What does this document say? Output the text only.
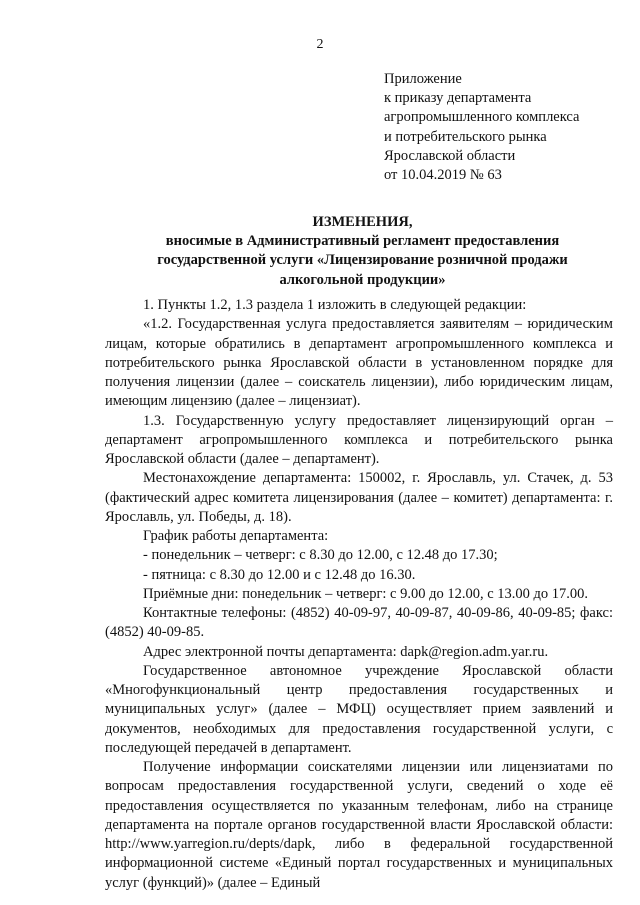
2
Приложение
к приказу департамента
агропромышленного комплекса
и потребительского рынка
Ярославской области
от 10.04.2019 № 63
ИЗМЕНЕНИЯ,
вносимые в Административный регламент предоставления
государственной услуги «Лицензирование розничной продажи
алкогольной продукции»

1. Пункты 1.2, 1.3 раздела 1 изложить в следующей редакции:

«1.2. Государственная услуга предоставляется заявителям – юридическим лицам, которые обратились в департамент агропромышленного комплекса и потребительского рынка Ярославской области в установленном порядке для получения лицензии (далее – соискатель лицензии), либо юридическим лицам, имеющим лицензию (далее – лицензиат).

1.3. Государственную услугу предоставляет лицензирующий орган – департамент агропромышленного комплекса и потребительского рынка Ярославской области (далее – департамент).

Местонахождение департамента: 150002, г. Ярославль, ул. Стачек, д. 53 (фактический адрес комитета лицензирования (далее – комитет) департамента: г. Ярославль, ул. Победы, д. 18).

График работы департамента:

- понедельник – четверг: с 8.30 до 12.00, с 12.48 до 17.30;

- пятница: с 8.30 до 12.00 и с 12.48 до 16.30.

Приёмные дни: понедельник – четверг: с 9.00 до 12.00, с 13.00 до 17.00.

Контактные телефоны: (4852) 40-09-97, 40-09-87, 40-09-86, 40-09-85; факс: (4852) 40-09-85.

Адрес электронной почты департамента: dapk@region.adm.yar.ru.

Государственное автономное учреждение Ярославской области «Многофункциональный центр предоставления государственных и муниципальных услуг» (далее – МФЦ) осуществляет прием заявлений и документов, необходимых для предоставления государственной услуги, с последующей передачей в департамент.

Получение информации соискателями лицензии или лицензиатами по вопросам предоставления государственной услуги, сведений о ходе её предоставления осуществляется по указанным телефонам, либо на странице департамента на портале органов государственной власти Ярославской области: http://www.yarregion.ru/depts/dapk, либо в федеральной государственной информационной системе «Единый портал государственных и муниципальных услуг (функций)» (далее – Единый
